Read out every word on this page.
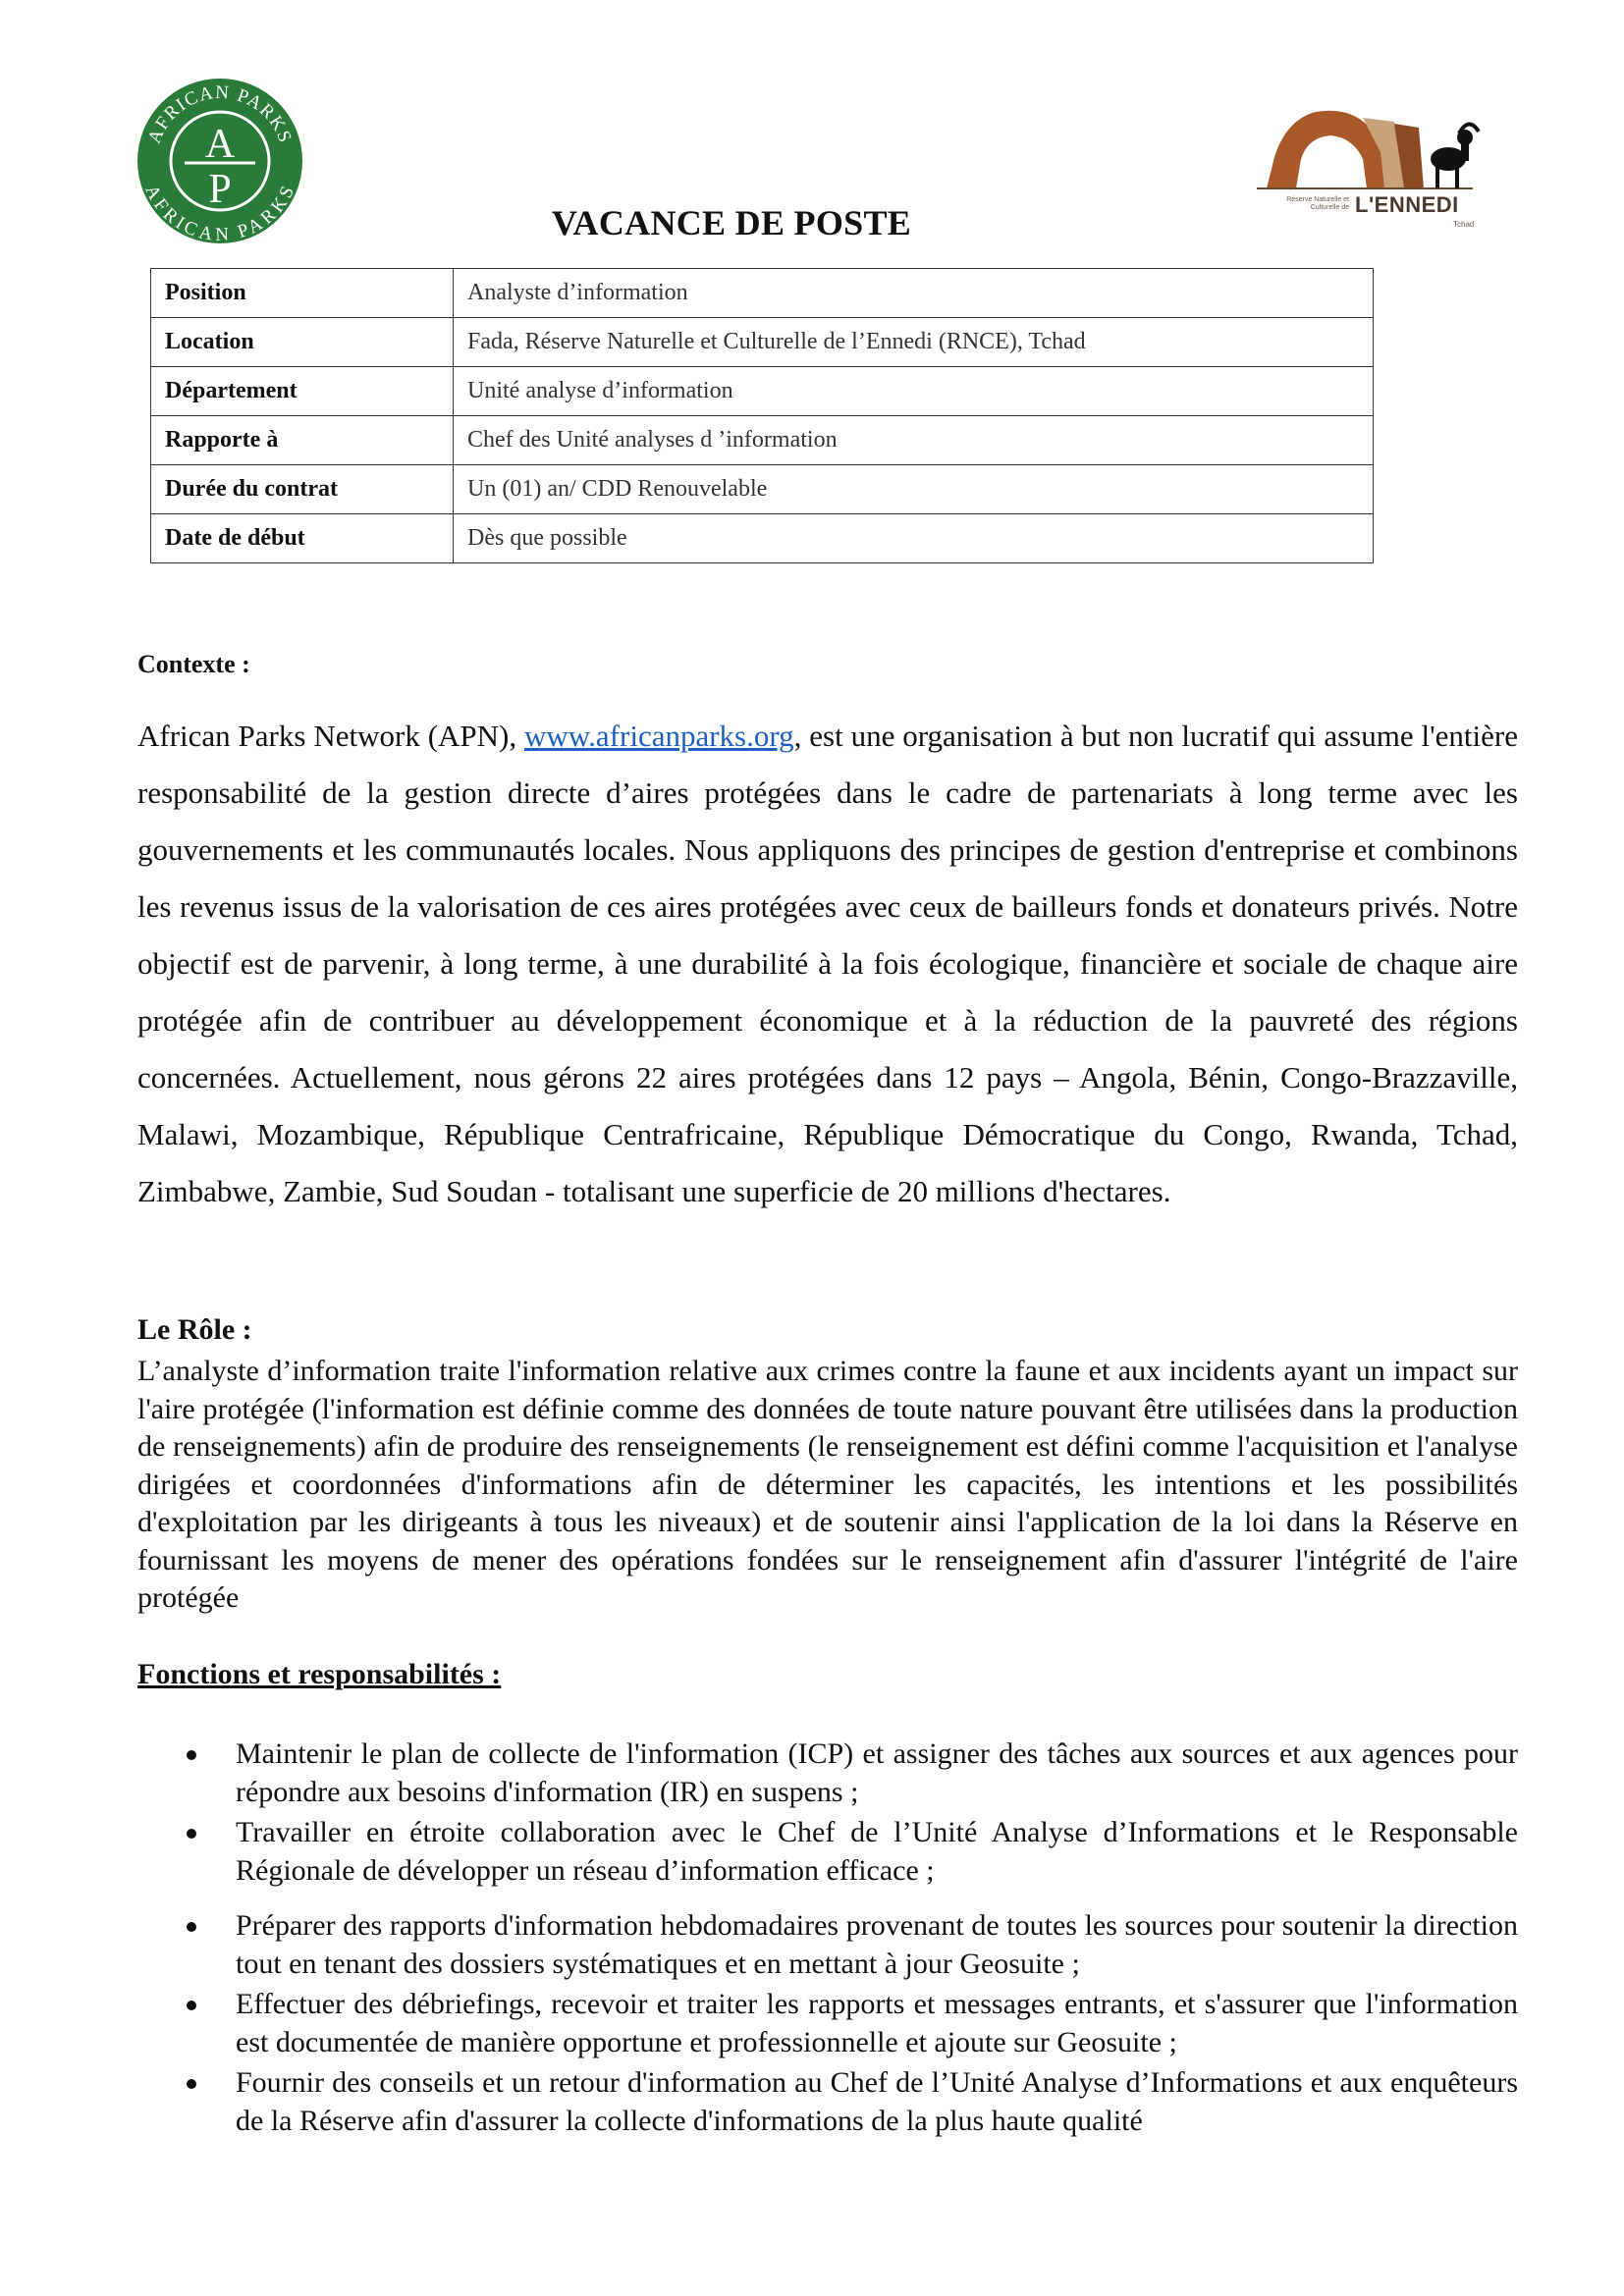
AFRICAN PARKS
AFRICAN PARKS
A
P	Réserve Naturelle et Culturelle de L'ENNEDI
Tchad
VACANCE DE POSTE
Position	Analyste d’information
Location	Fada, Réserve Naturelle et Culturelle de l’Ennedi (RNCE), Tchad
Département	Unité analyse d’information
Rapporte à	Chef des Unité analyses d ’information
Durée du contrat	Un (01) an/ CDD Renouvelable
Date de début	Dès que possible
Contexte :
African Parks Network (APN), www.africanparks.org, est une organisation à but non lucratif qui assume l'entière responsabilité de la gestion directe d’aires protégées dans le cadre de partenariats à long terme avec les gouvernements et les communautés locales. Nous appliquons des principes de gestion d'entreprise et combinons les revenus issus de la valorisation de ces aires protégées avec ceux de bailleurs fonds et donateurs privés. Notre objectif est de parvenir, à long terme, à une durabilité à la fois écologique, financière et sociale de chaque aire protégée afin de contribuer au développement économique et à la réduction de la pauvreté des régions concernées. Actuellement, nous gérons 22 aires protégées dans 12 pays – Angola, Bénin, Congo-Brazzaville, Malawi, Mozambique, République Centrafricaine, République Démocratique du Congo, Rwanda, Tchad, Zimbabwe, Zambie, Sud Soudan - totalisant une superficie de 20 millions d'hectares.
Le Rôle :
L’analyste d’information traite l'information relative aux crimes contre la faune et aux incidents ayant un impact sur l'aire protégée (l'information est définie comme des données de toute nature pouvant être utilisées dans la production de renseignements) afin de produire des renseignements (le renseignement est défini comme l'acquisition et l'analyse dirigées et coordonnées d'informations afin de déterminer les capacités, les intentions et les possibilités d'exploitation par les dirigeants à tous les niveaux) et de soutenir ainsi l'application de la loi dans la Réserve en fournissant les moyens de mener des opérations fondées sur le renseignement afin d'assurer l'intégrité de l'aire protégée
Fonctions et responsabilités :
Maintenir le plan de collecte de l'information (ICP) et assigner des tâches aux sources et aux agences pour répondre aux besoins d'information (IR) en suspens ;
Travailler en étroite collaboration avec le Chef de l’Unité Analyse d’Informations et le Responsable Régionale de développer un réseau d’information efficace ;
Préparer des rapports d'information hebdomadaires provenant de toutes les sources pour soutenir la direction tout en tenant des dossiers systématiques et en mettant à jour Geosuite ;
Effectuer des débriefings, recevoir et traiter les rapports et messages entrants, et s'assurer que l'information est documentée de manière opportune et professionnelle et ajoute sur Geosuite ;
Fournir des conseils et un retour d'information au Chef de l’Unité Analyse d’Informations et aux enquêteurs de la Réserve afin d'assurer la collecte d'informations de la plus haute qualité
